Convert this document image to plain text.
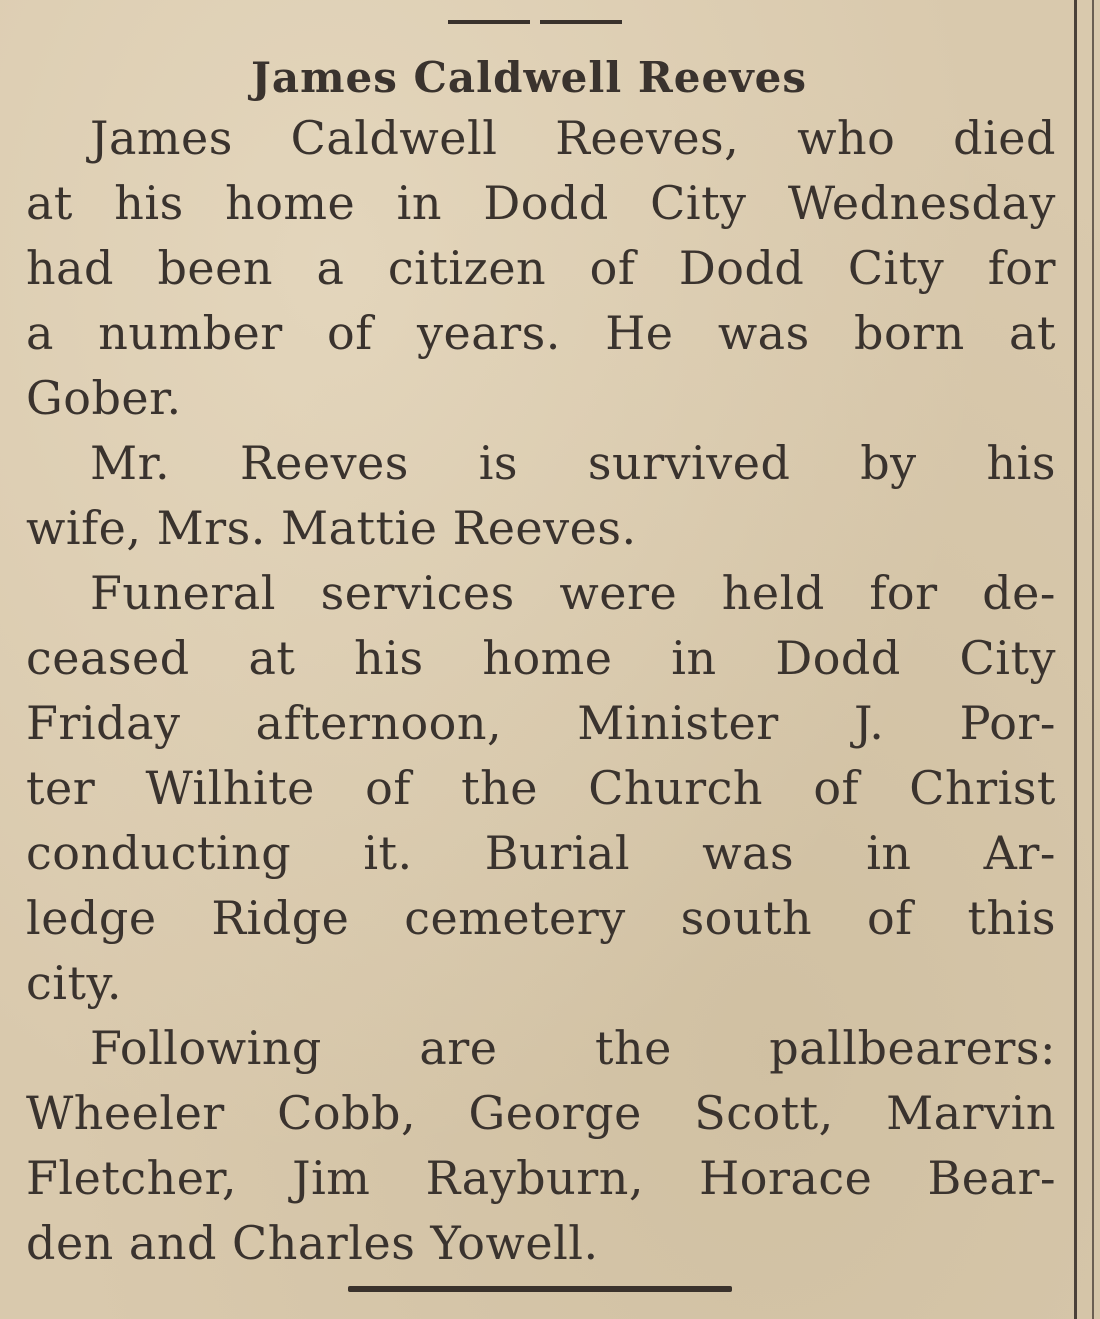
James Caldwell Reeves
James Caldwell Reeves, who died
at his home in Dodd City Wednesday
had been a citizen of Dodd City for
a number of years. He was born at
Gober.
Mr. Reeves is survived by his
wife, Mrs. Mattie Reeves.
Funeral services were held for de-
ceased at his home in Dodd City
Friday afternoon, Minister J. Por-
ter Wilhite of the Church of Christ
conducting it. Burial was in Ar-
ledge Ridge cemetery south of this
city.
Following are the pallbearers:
Wheeler Cobb, George Scott, Marvin
Fletcher, Jim Rayburn, Horace Bear-
den and Charles Yowell.
